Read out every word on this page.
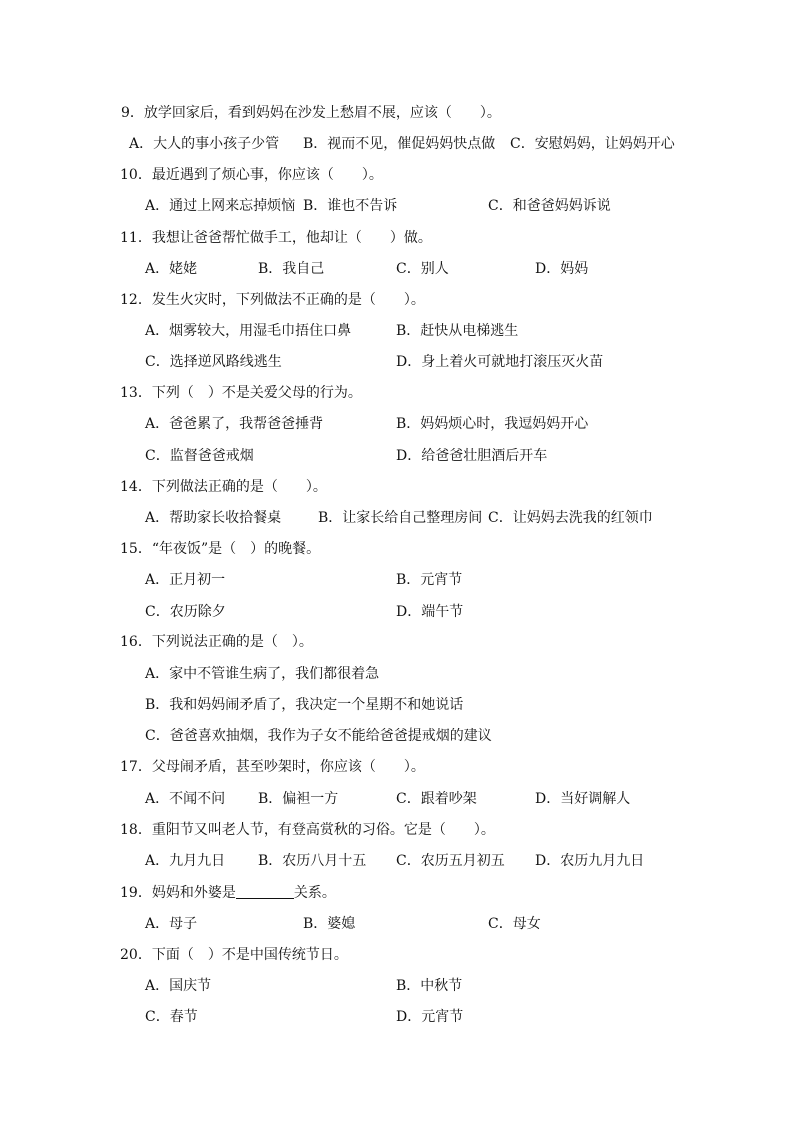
9．放学回家后，看到妈妈在沙发上愁眉不展，应该（　　）。
A．大人的事小孩子少管 B．视而不见，催促妈妈快点做 C．安慰妈妈，让妈妈开心
10．最近遇到了烦心事，你应该（　　）。
A．通过上网来忘掉烦恼 B．谁也不告诉	C．和爸爸妈妈诉说
11．我想让爸爸帮忙做手工，他却让（　　）做。
A．姥姥	B．我自己	C．别人	D．妈妈
12．发生火灾时，下列做法不正确的是（　　）。
A．烟雾较大，用湿毛巾捂住口鼻	B．赶快从电梯逃生
C．选择逆风路线逃生	D．身上着火可就地打滚压灭火苗
13．下列（　）不是关爱父母的行为。
A．爸爸累了，我帮爸爸捶背	B．妈妈烦心时，我逗妈妈开心
C．监督爸爸戒烟	D．给爸爸壮胆酒后开车
14．下列做法正确的是（　　）。
A．帮助家长收拾餐桌	B．让家长给自己整理房间 C．让妈妈去洗我的红领巾
15．“年夜饭”是（　）的晚餐。
A．正月初一	B．元宵节
C．农历除夕	D．端午节
16．下列说法正确的是（　）。
A．家中不管谁生病了，我们都很着急
B．我和妈妈闹矛盾了，我决定一个星期不和她说话
C．爸爸喜欢抽烟，我作为子女不能给爸爸提戒烟的建议
17．父母闹矛盾，甚至吵架时，你应该（　　）。
A．不闻不问 B．偏袒一方	C．跟着吵架	D．当好调解人
18．重阳节又叫老人节，有登高赏秋的习俗。它是（　　）。
A．九月九日 B．农历八月十五 C．农历五月初五 D．农历九月九日
19．妈妈和外婆是	关系。
A．母子	B．婆媳	C．母女
20．下面（　）不是中国传统节日。
A．国庆节	B．中秋节
C．春节	D．元宵节
